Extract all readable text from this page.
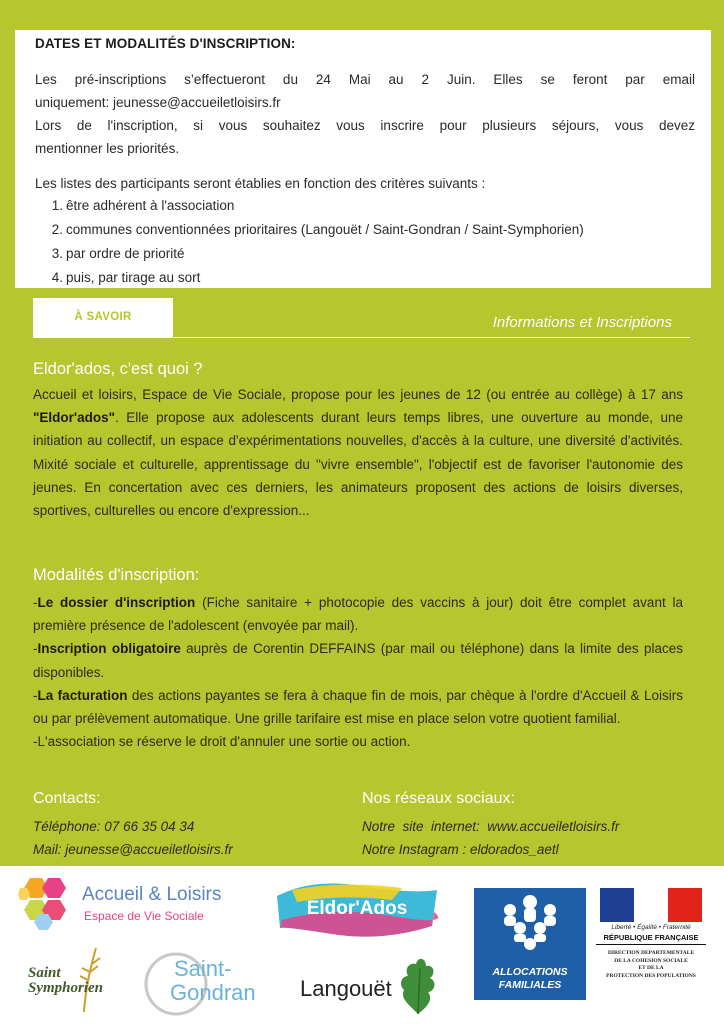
DATES ET MODALITÉS D'INSCRIPTION:
Les pré-inscriptions s’effectueront du 24 Mai au 2 Juin. Elles se feront par email
uniquement: jeunesse@accueiletloisirs.fr

Lors de l'inscription, si vous souhaitez vous inscrire pour plusieurs séjours, vous devez
mentionner les priorités.
Les listes des participants seront établies en fonction des critères suivants :
1. être adhérent à l'association
2. communes conventionnées prioritaires (Langouët / Saint-Gondran / Saint-Symphorien)
3. par ordre de priorité
4. puis, par tirage au sort
À SAVOIR	Informations et Inscriptions
Eldor'ados, c'est quoi ?
Accueil et loisirs, Espace de Vie Sociale, propose pour les jeunes de 12 (ou entrée au collège) à 17 ans "Eldor'ados". Elle propose aux adolescents durant leurs temps libres, une ouverture au monde, une initiation au collectif, un espace d'expérimentations nouvelles, d'accès à la culture, une diversité d'activités. Mixité sociale et culturelle, apprentissage du "vivre ensemble", l'objectif est de favoriser l'autonomie des jeunes. En concertation avec ces derniers, les animateurs proposent des actions de loisirs diverses, sportives, culturelles ou encore d'expression...
Modalités d'inscription:
-Le dossier d'inscription (Fiche sanitaire + photocopie des vaccins à jour) doit être complet avant la première présence de l'adolescent (envoyée par mail).
-Inscription obligatoire auprès de Corentin DEFFAINS (par mail ou téléphone) dans la limite des places disponibles.
-La facturation des actions payantes se fera à chaque fin de mois, par chèque à l'ordre d'Accueil & Loisirs ou par prélèvement automatique. Une grille tarifaire est mise en place selon votre quotient familial.
-L'association se réserve le droit d'annuler une sortie ou action.
Contacts:
Téléphone: 07 66 35 04 34
Mail: jeunesse@accueiletloisirs.fr
Nos réseaux sociaux:
Notre  site  internet:  www.accueiletloisirs.fr
Notre Instagram : eldorados_aetl
Accueil & Loisirs
Espace de Vie Sociale	Eldor'Ados
ALLOCATIONS
FAMILIALES
Liberté • Égalité • Fraternité
RÉPUBLIQUE FRANÇAISE
DIRECTION DEPARTEMENTALE
DE LA COHESION SOCIALE
ET DE LA
PROTECTION DES POPULATIONS
Saint Symphorien
Saint-
Gondran Langouët
